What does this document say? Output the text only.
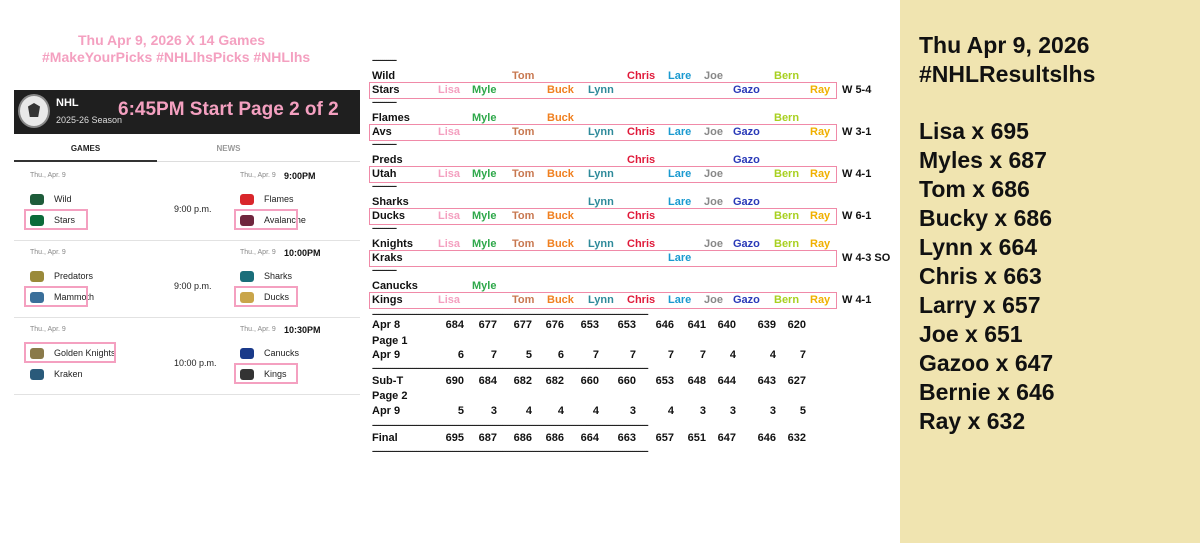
Thu Apr 9, 2026 X 14 Games
#MakeYourPicks #NHLlhsPicks #NHLlhs
NHL
2025-26 Season
6:45PM Start Page 2 of 2
GAMES	NEWS
Thu., Apr. 9
Wild
Stars
9:00 p.m.
Thu., Apr. 9 9:00PM
Flames
Avalanche
Thu., Apr. 9
Predators
Mammoth
9:00 p.m.
Thu., Apr. 9 10:00PM
Sharks
Ducks
Thu., Apr. 9
Golden Knights
Kraken
10:00 p.m.
Thu., Apr. 9 10:30PM
Canucks
Kings
------------
Wild	Tom	Chris Lare Joe	Bern
Stars	Lisa Myle	Buck Lynn	Gazo	Ray W 5-4
------------
Flames	Myle	Buck	Bern
Avs	Lisa	Tom	Lynn Chris Lare Joe Gazo	Ray W 3-1
------------
Preds	Chris	Gazo
Utah	Lisa Myle Tom Buck Lynn	Lare Joe	Bern Ray W 4-1
------------
Sharks	Lynn	Lare Joe Gazo
Ducks	Lisa Myle Tom Buck	Chris	Bern Ray W 6-1
------------
Knights Lisa Myle Tom Buck Lynn Chris	Joe Gazo Bern Ray
Kraks	Lare	W 4-3 SO
------------
Canucks	Myle
Kings	Lisa	Tom Buck Lynn Chris Lare Joe Gazo Bern Ray W 4-1
------------------------------------------------------------------------------------------------------------------------------------------
------------------------------------------------------------------------------------------------------------------------------------------
------------------------------------------------------------------------------------------------------------------------------------------
------------------------------------------------------------------------------------------------------------------------------------------
Apr 8	684	677	677	676	653	653	646	641	640	639	620
Page 1
Apr 9	6	7	5	6	7	7	7	7	4	4	7
Sub-T	690	684	682	682	660	660	653	648	644	643	627
Page 2
Apr 9	5	3	4	4	4	3	4	3	3	3	5
Final	695	687	686	686	664	663	657	651	647	646	632
Thu Apr 9, 2026
#NHLResultslhs
Lisa x 695
Myles x 687
Tom x 686
Bucky x 686
Lynn x 664
Chris x 663
Larry x 657
Joe x 651
Gazoo x 647
Bernie x 646
Ray x 632
